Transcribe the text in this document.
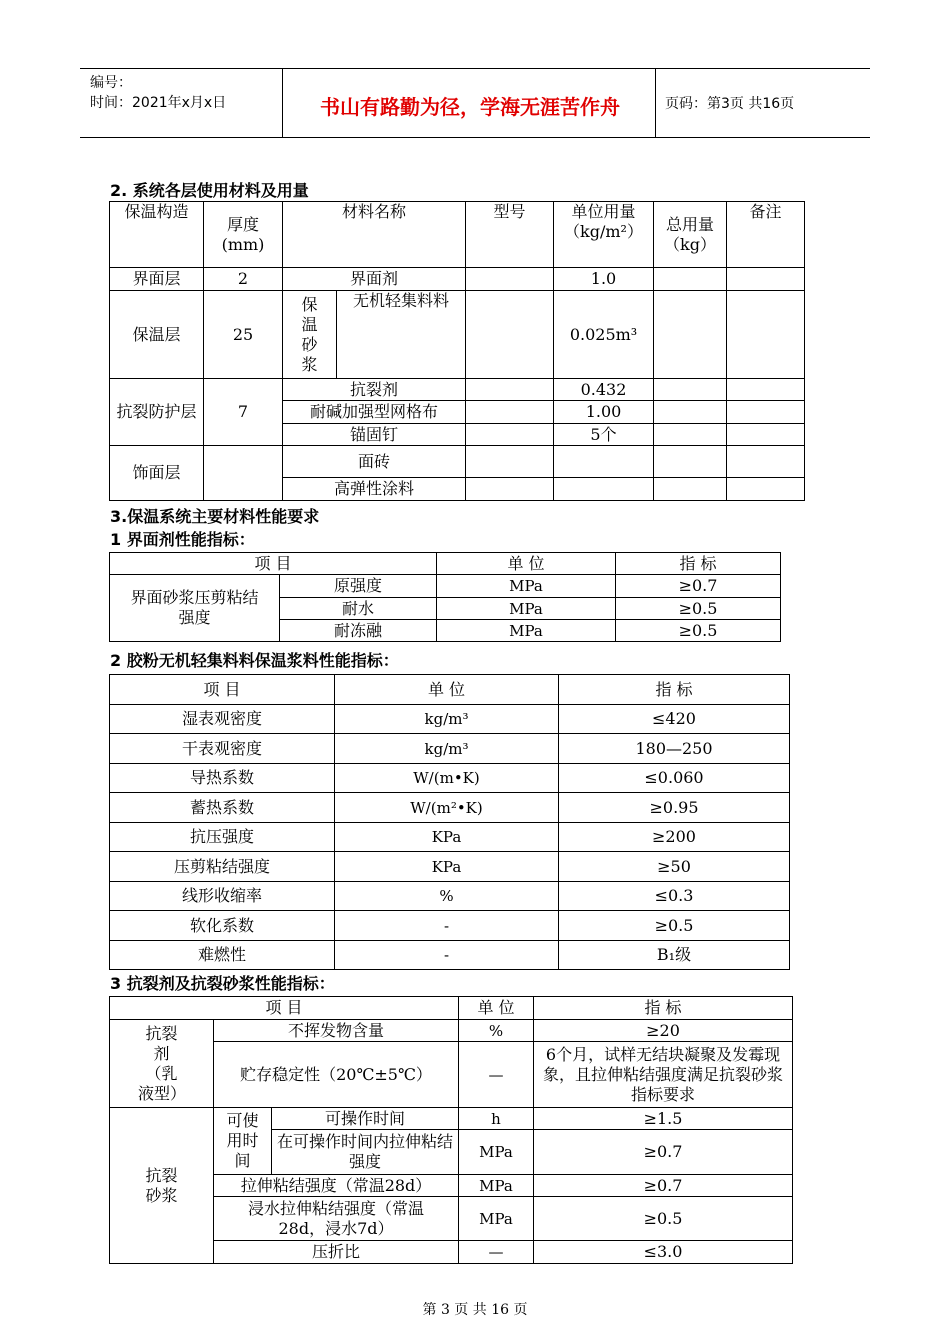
编号：
时间：2021年x月x日	书山有路勤为径，学海无涯苦作舟	页码：第3页 共16页
2. 系统各层使用材料及用量
保温构造	厚度(mm)	材料名称		型号	单位用量（kg/m²）	总用量（kg）	备注
界面层	2	界面剂			1.0		
保温层	25	保温砂浆	无机轻集料料		0.025m³		
抗裂防护层	7	抗裂剂			0.432		
		耐碱加强型网格布			1.00		
		锚固钉			5个		
饰面层		面砖					
		高弹性涂料					
3.保温系统主要材料性能要求
1 界面剂性能指标：
项 目		单 位	指 标
界面砂浆压剪粘结强度	原强度	MPa	≥0.7
	耐水	MPa	≥0.5
	耐冻融	MPa	≥0.5
2 胶粉无机轻集料料保温浆料性能指标：
项 目	单 位	指 标
湿表观密度	kg/m³	≤420
干表观密度	kg/m³	180—250
导热系数	W/(m•K)	≤0.060
蓄热系数	W/(m²•K)	≥0.95
抗压强度	KPa	≥200
压剪粘结强度	KPa	≥50
线形收缩率	%	≤0.3
软化系数	-	≥0.5
难燃性	-	B₁级
3 抗裂剂及抗裂砂浆性能指标：
项 目			单 位	指 标
抗裂剂（乳液型）	不挥发物含量		%	≥20
	贮存稳定性（20℃±5℃）		—	6个月，试样无结块凝聚及发霉现象，且拉伸粘结强度满足抗裂砂浆指标要求
抗裂砂浆	可使用时间	可操作时间	h	≥1.5
		在可操作时间内拉伸粘结强度	MPa	≥0.7
	拉伸粘结强度（常温28d）		MPa	≥0.7
	浸水拉伸粘结强度（常温28d，浸水7d）		MPa	≥0.5
	压折比		—	≤3.0
第 3 页 共 16 页
